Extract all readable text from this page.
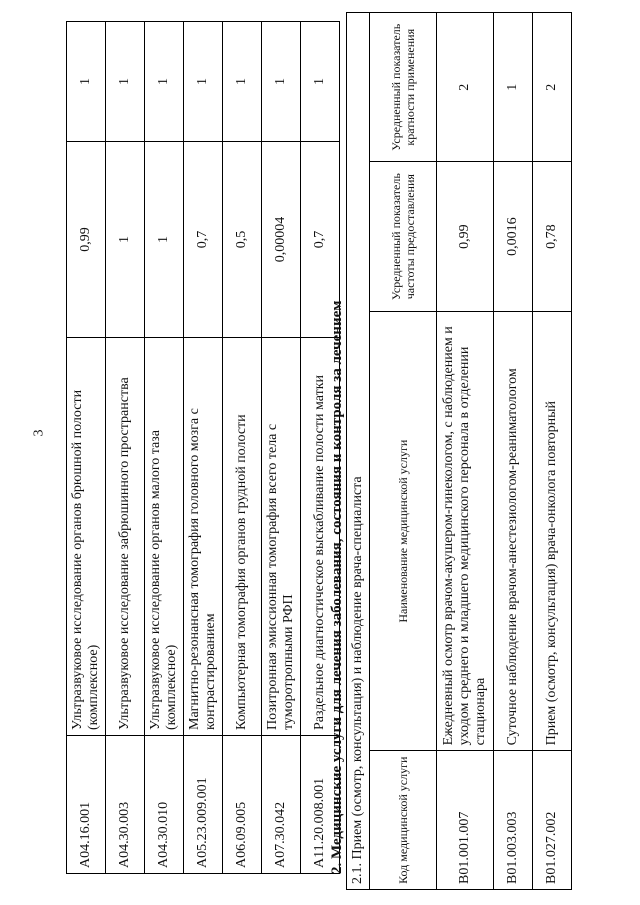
3
A04.16.001	Ультразвуковое исследование органов брюшной полости (комплексное)	0,99	1
A04.30.003	Ультразвуковое исследование забрюшинного пространства	1	1
A04.30.010	Ультразвуковое исследование органов малого таза (комплексное)	1	1
A05.23.009.001	Магнитно-резонансная томография головного мозга с контрастированием	0,7	1
A06.09.005	Компьютерная томография органов грудной полости	0,5	1
A07.30.042	Позитронная эмиссионная томография всего тела с туморотропными РФП	0,00004	1
A11.20.008.001	Раздельное диагностическое выскабливание полости матки	0,7	1
2. Медицинские услуги для лечения заболевания, состояния и контроля за лечением 2.1. Прием (осмотр, консультация) и наблюдение врача-специалиста			
Код медицинской услуги	Наименование медицинской услуги	Усредненный показатель частоты предоставления	Усредненный показатель кратности применения
B01.001.007	Ежедневный осмотр врачом-акушером-гинекологом, с наблюдением и уходом среднего и младшего медицинского персонала в отделении стационара	0,99	2
B01.003.003	Суточное наблюдение врачом-анестезиологом-реаниматологом	0,0016	1
B01.027.002	Прием (осмотр, консультация) врача-онколога повторный	0,78	2
